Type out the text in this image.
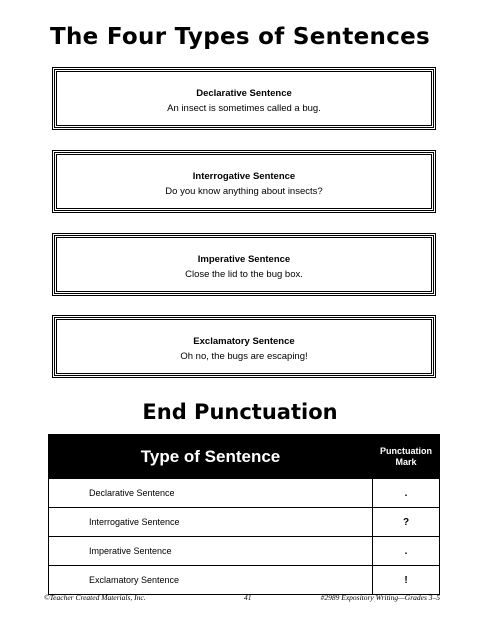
The Four Types of Sentences
Declarative Sentence
An insect is sometimes called a bug.
Interrogative Sentence
Do you know anything about insects?
Imperative Sentence
Close the lid to the bug box.
Exclamatory Sentence
Oh no, the bugs are escaping!
End Punctuation
Type of Sentence	Punctuation
Mark
Declarative Sentence	.
Interrogative Sentence	?
Imperative Sentence	.
Exclamatory Sentence	!
©Teacher Created Materials, Inc.	41	#2989 Expository Writing—Grades 3–5
